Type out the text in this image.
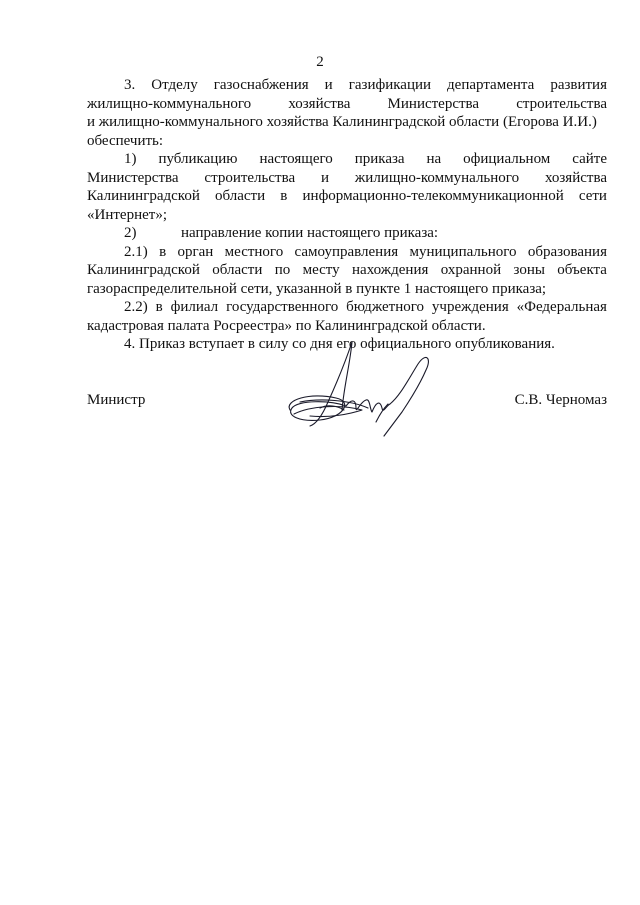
2
3. Отделу газоснабжения и газификации департамента развития
жилищно-коммунального хозяйства Министерства строительства
и жилищно-коммунального хозяйства Калининградской области (Егорова И.И.)
обеспечить:
1) публикацию настоящего приказа на официальном сайте
Министерства строительства и жилищно-коммунального хозяйства
Калининградской области в информационно-телекоммуникационной сети
«Интернет»;
2)	направление копии настоящего приказа:
2.1) в орган местного самоуправления муниципального образования
Калининградской области по месту нахождения охранной зоны объекта
газораспределительной сети, указанной в пункте 1 настоящего приказа;
2.2) в филиал государственного бюджетного учреждения «Федеральная
кадастровая палата Росреестра» по Калининградской области.
4. Приказ вступает в силу со дня его официального опубликования.
Министр	С.В. Черномаз
